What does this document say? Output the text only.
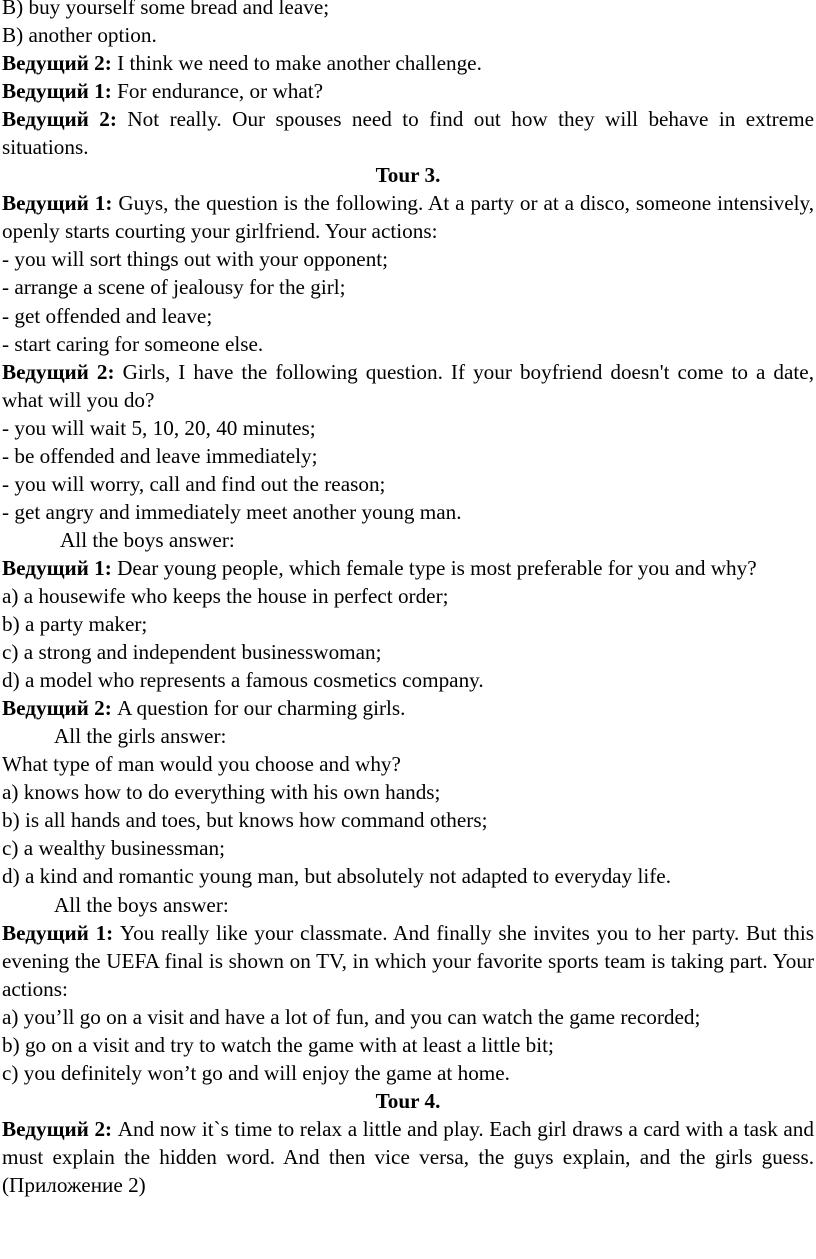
B) buy yourself some bread and leave;

B) another option.

Ведущий 2: I think we need to make another challenge.

Ведущий 1: For endurance, or what?

Ведущий 2: Not really. Our spouses need to find out how they will behave in extreme situations.

Tour 3.

Ведущий 1: Guys, the question is the following. At a party or at a disco, someone intensively, openly starts courting your girlfriend. Your actions:

- you will sort things out with your opponent;

- arrange a scene of jealousy for the girl;

- get offended and leave;

- start caring for someone else.

Ведущий 2: Girls, I have the following question. If your boyfriend doesn't come to a date, what will you do?

- you will wait 5, 10, 20, 40 minutes;

- be offended and leave immediately;

- you will worry, call and find out the reason;

- get angry and immediately meet another young man.

All the boys answer:

Ведущий 1: Dear young people, which female type is most preferable for you and why?

a) a housewife who keeps the house in perfect order;

b) a party maker;

c) a strong and independent businesswoman;

d) a model who represents a famous cosmetics company.

Ведущий 2: A question for our charming girls.

All the girls answer:

What type of man would you choose and why?

a) knows how to do everything with his own hands;

b) is all hands and toes, but knows how command others;

c) a wealthy businessman;

d) a kind and romantic young man, but absolutely not adapted to everyday life.

All the boys answer:

Ведущий 1: You really like your classmate. And finally she invites you to her party. But this evening the UEFA final is shown on TV, in which your favorite sports team is taking part. Your actions:

a) you’ll go on a visit and have a lot of fun, and you can watch the game recorded;

b) go on a visit and try to watch the game with at least a little bit;

c) you definitely won’t go and will enjoy the game at home.

Tour 4.

Ведущий 2: And now it`s time to relax a little and play. Each girl draws a card with a task and must explain the hidden word. And then vice versa, the guys explain, and the girls guess. (Приложение 2)
